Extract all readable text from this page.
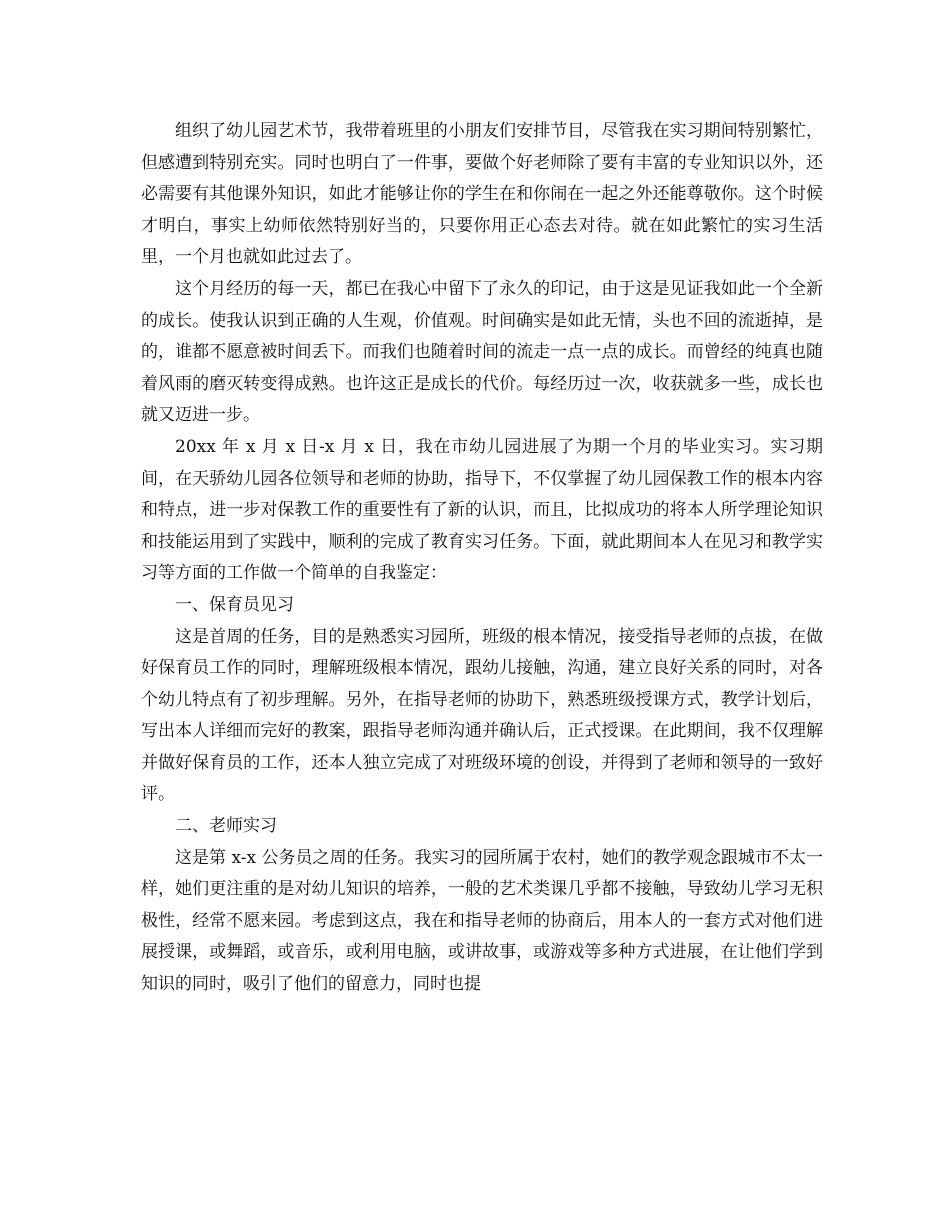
组织了幼儿园艺术节，我带着班里的小朋友们安排节目，尽管我在实习期间特别繁忙，但感遭到特别充实。同时也明白了一件事，要做个好老师除了要有丰富的专业知识以外，还必需要有其他课外知识，如此才能够让你的学生在和你闹在一起之外还能尊敬你。这个时候才明白，事实上幼师依然特别好当的，只要你用正心态去对待。就在如此繁忙的实习生活里，一个月也就如此过去了。

这个月经历的每一天，都已在我心中留下了永久的印记，由于这是见证我如此一个全新的成长。使我认识到正确的人生观，价值观。时间确实是如此无情，头也不回的流逝掉，是的，谁都不愿意被时间丢下。而我们也随着时间的流走一点一点的成长。而曾经的纯真也随着风雨的磨灭转变得成熟。也许这正是成长的代价。每经历过一次，收获就多一些，成长也就又迈进一步。

20xx 年 x 月 x 日-x 月 x 日，我在市幼儿园进展了为期一个月的毕业实习。实习期间，在天骄幼儿园各位领导和老师的协助，指导下，不仅掌握了幼儿园保教工作的根本内容和特点，进一步对保教工作的重要性有了新的认识，而且，比拟成功的将本人所学理论知识和技能运用到了实践中，顺利的完成了教育实习任务。下面，就此期间本人在见习和教学实习等方面的工作做一个简单的自我鉴定：

一、保育员见习

这是首周的任务，目的是熟悉实习园所，班级的根本情况，接受指导老师的点拔，在做好保育员工作的同时，理解班级根本情况，跟幼儿接触，沟通，建立良好关系的同时，对各个幼儿特点有了初步理解。另外，在指导老师的协助下，熟悉班级授课方式，教学计划后，写出本人详细而完好的教案，跟指导老师沟通并确认后，正式授课。在此期间，我不仅理解并做好保育员的工作，还本人独立完成了对班级环境的创设，并得到了老师和领导的一致好评。

二、老师实习

这是第 x-x 公务员之周的任务。我实习的园所属于农村，她们的教学观念跟城市不太一样，她们更注重的是对幼儿知识的培养，一般的艺术类课几乎都不接触，导致幼儿学习无积极性，经常不愿来园。考虑到这点，我在和指导老师的协商后，用本人的一套方式对他们进展授课，或舞蹈，或音乐，或利用电脑，或讲故事，或游戏等多种方式进展，在让他们学到知识的同时，吸引了他们的留意力，同时也提
